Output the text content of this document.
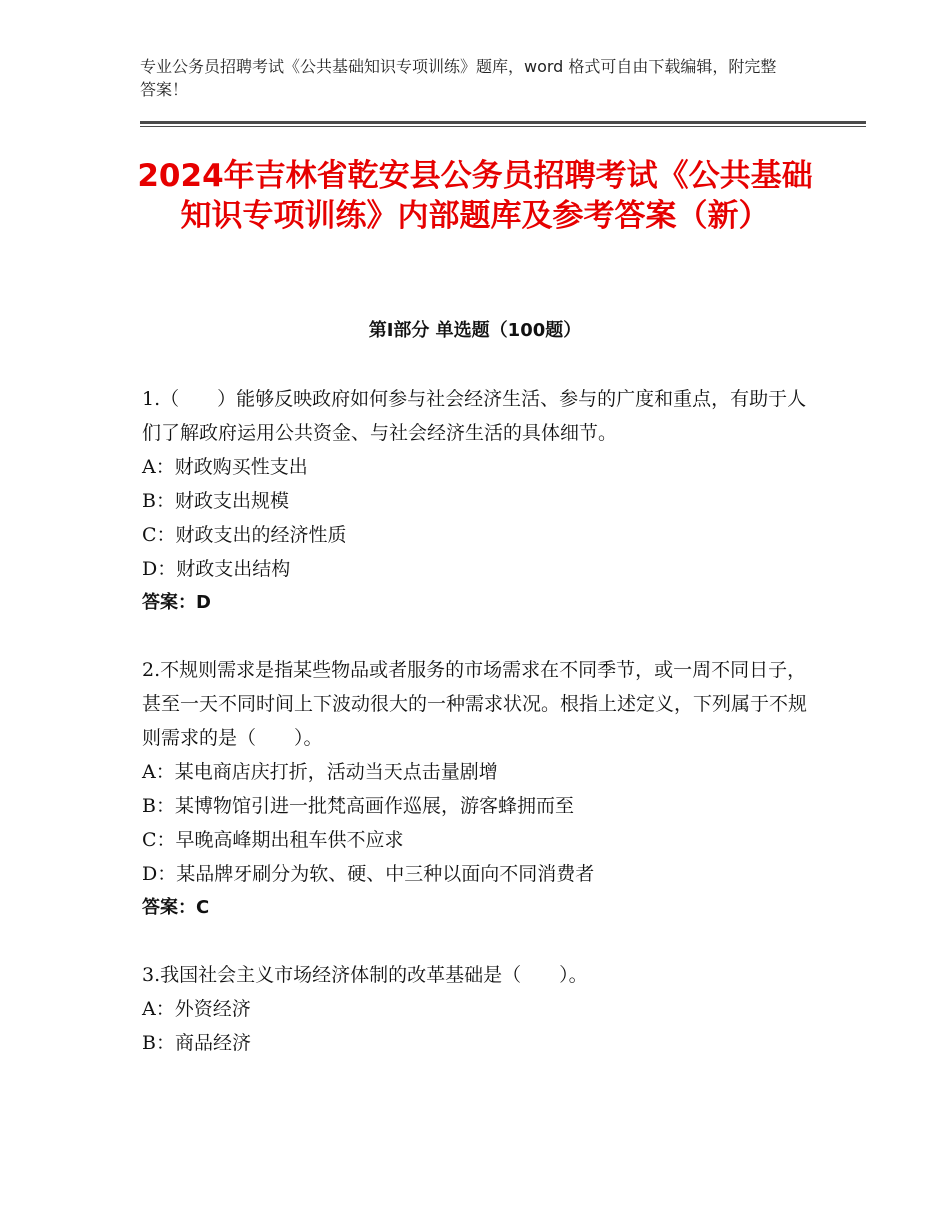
专业公务员招聘考试《公共基础知识专项训练》题库，word 格式可自由下载编辑，附完整答案！
2024年吉林省乾安县公务员招聘考试《公共基础知识专项训练》内部题库及参考答案（新）
第Ⅰ部分 单选题（100题）
1.（　　）能够反映政府如何参与社会经济生活、参与的广度和重点，有助于人们了解政府运用公共资金、与社会经济生活的具体细节。
A：财政购买性支出
B：财政支出规模
C：财政支出的经济性质
D：财政支出结构
答案：D
2.不规则需求是指某些物品或者服务的市场需求在不同季节，或一周不同日子，甚至一天不同时间上下波动很大的一种需求状况。根指上述定义，下列属于不规则需求的是（　　）。
A：某电商店庆打折，活动当天点击量剧增
B：某博物馆引进一批梵高画作巡展，游客蜂拥而至
C：早晚高峰期出租车供不应求
D：某品牌牙刷分为软、硬、中三种以面向不同消费者
答案：C
3.我国社会主义市场经济体制的改革基础是（　　）。
A：外资经济
B：商品经济
